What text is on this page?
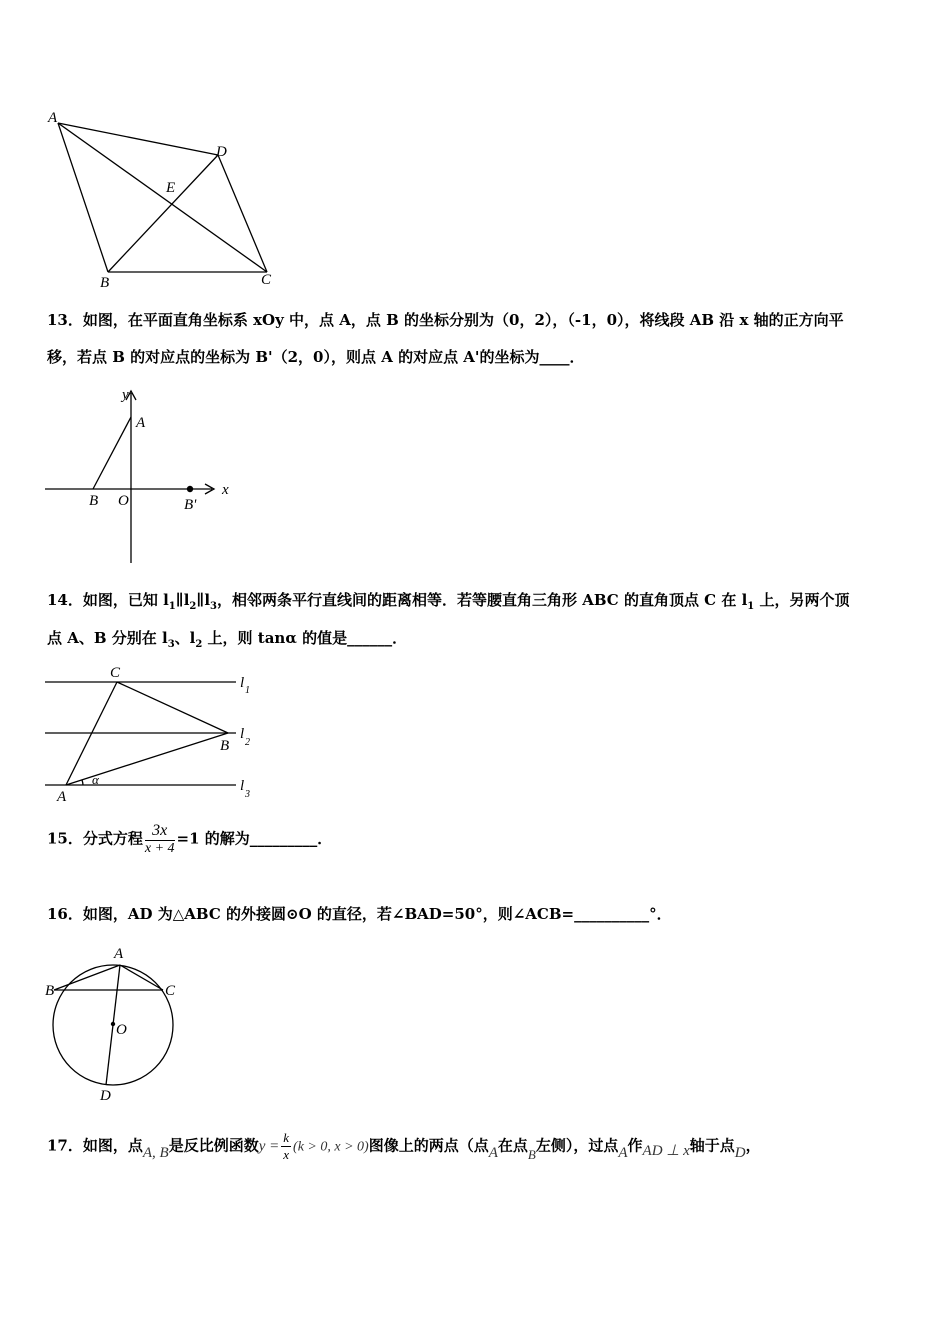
A
D
E
B	C
13．如图，在平面直角坐标系 xOy 中，点 A，点 B 的坐标分别为（0，2），（-1，0），将线段 AB 沿 x 轴的正方向平
移，若点 B 的对应点的坐标为 B'（2，0），则点 A 的对应点 A'的坐标为____．
y
A
B O	B'
x
14．如图，已知 $l_1\parallel l_2\parallel l_3$，相邻两条平行直线间的距离相等．若等腰直角三角形 ABC 的直角顶点 C 在 $l_1$ 上，另两个顶
点 A、B 分别在 $l_3$、$l_2$ 上，则 tanα 的值是______．
C
B
A
α
l 1
l
2
l
3
15．分式方程 $\frac{3x}{x + 4} =1$ 的解为_________．
16．如图，AD 为△ABC 的外接圆⊙O 的直径，若∠BAD=50°，则∠ACB=__________°．
A
B	C
O
D
17．如图，点A, B是反比例函数$y = \frac{k}{x} (k > 0$, x > 0)图像上的两点（点A在点B左侧），过点A作AD ⊥ x轴于点D，
